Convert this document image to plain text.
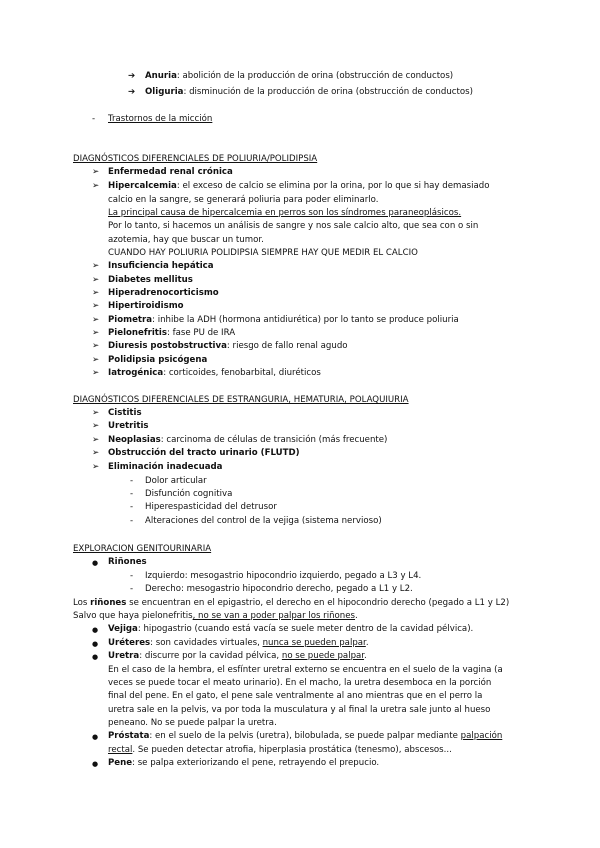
➔ Anuria: abolición de la producción de orina (obstrucción de conductos)
➔ Oliguria: disminución de la producción de orina (obstrucción de conductos)
- Trastornos de la micción
DIAGNÓSTICOS DIFERENCIALES DE POLIURIA/POLIDIPSIA
➢ Enfermedad renal crónica
➢ Hipercalcemia: el exceso de calcio se elimina por la orina, por lo que si hay demasiado
calcio en la sangre, se generará poliuria para poder eliminarlo.
La principal causa de hipercalcemia en perros son los síndromes paraneoplásicos.
Por lo tanto, si hacemos un análisis de sangre y nos sale calcio alto, que sea con o sin
azotemia, hay que buscar un tumor.
CUANDO HAY POLIURIA POLIDIPSIA SIEMPRE HAY QUE MEDIR EL CALCIO
➢ Insuficiencia hepática
➢ Diabetes mellitus
➢ Hiperadrenocorticismo
➢ Hipertiroidismo
➢ Piometra: inhibe la ADH (hormona antidiurética) por lo tanto se produce poliuria
➢ Pielonefritis: fase PU de IRA
➢ Diuresis postobstructiva: riesgo de fallo renal agudo
➢ Polidipsia psicógena
➢ Iatrogénica: corticoides, fenobarbital, diuréticos
DIAGNÓSTICOS DIFERENCIALES DE ESTRANGURIA, HEMATURIA, POLAQUIURIA
➢ Cistitis
➢ Uretritis
➢ Neoplasias: carcinoma de células de transición (más frecuente)
➢ Obstrucción del tracto urinario (FLUTD)
➢ Eliminación inadecuada
- Dolor articular
- Disfunción cognitiva
- Hiperespasticidad del detrusor
- Alteraciones del control de la vejiga (sistema nervioso)
EXPLORACION GENITOURINARIA
● Riñones
- Izquierdo: mesogastrio hipocondrio izquierdo, pegado a L3 y L4.
- Derecho: mesogastrio hipocondrio derecho, pegado a L1 y L2.
Los riñones se encuentran en el epigastrio, el derecho en el hipocondrio derecho (pegado a L1 y L2)
Salvo que haya pielonefritis, no se van a poder palpar los riñones.
● Vejiga: hipogastrio (cuando está vacía se suele meter dentro de la cavidad pélvica).
● Uréteres: son cavidades virtuales, nunca se pueden palpar.
● Uretra: discurre por la cavidad pélvica, no se puede palpar.
En el caso de la hembra, el esfínter uretral externo se encuentra en el suelo de la vagina (a
veces se puede tocar el meato urinario). En el macho, la uretra desemboca en la porción
final del pene. En el gato, el pene sale ventralmente al ano mientras que en el perro la
uretra sale en la pelvis, va por toda la musculatura y al final la uretra sale junto al hueso
peneano. No se puede palpar la uretra.
● Próstata: en el suelo de la pelvis (uretra), bilobulada, se puede palpar mediante palpación
rectal. Se pueden detectar atrofia, hiperplasia prostática (tenesmo), abscesos...
● Pene: se palpa exteriorizando el pene, retrayendo el prepucio.
